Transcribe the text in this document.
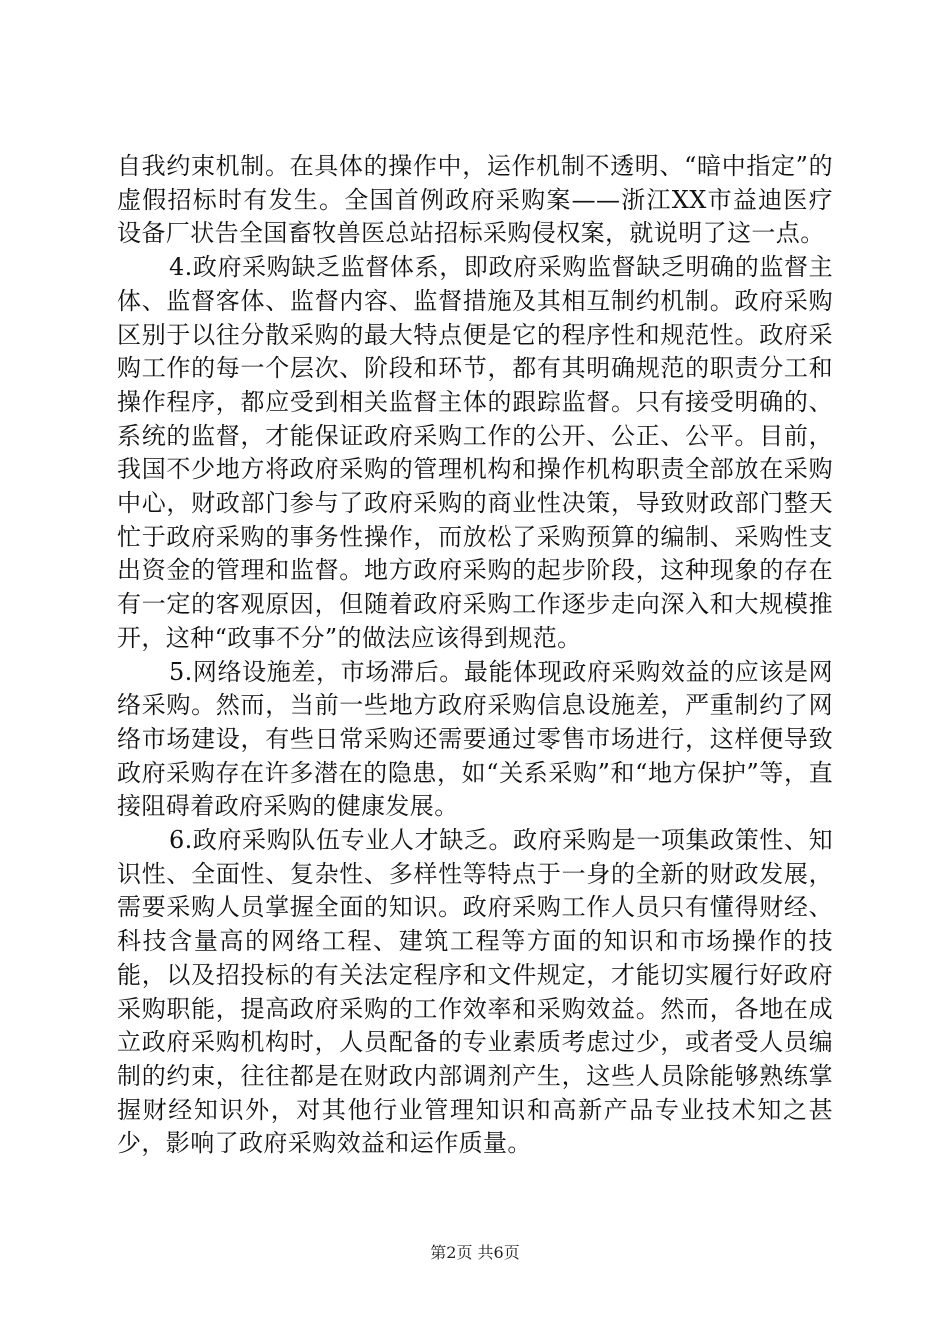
自我约束机制。在具体的操作中，运作机制不透明、“暗中指定”的虚假招标时有发生。全国首例政府采购案——浙江XX市益迪医疗设备厂状告全国畜牧兽医总站招标采购侵权案，就说明了这一点。

4.政府采购缺乏监督体系，即政府采购监督缺乏明确的监督主体、监督客体、监督内容、监督措施及其相互制约机制。政府采购区别于以往分散采购的最大特点便是它的程序性和规范性。政府采购工作的每一个层次、阶段和环节，都有其明确规范的职责分工和操作程序，都应受到相关监督主体的跟踪监督。只有接受明确的、系统的监督，才能保证政府采购工作的公开、公正、公平。目前，我国不少地方将政府采购的管理机构和操作机构职责全部放在采购中心，财政部门参与了政府采购的商业性决策，导致财政部门整天忙于政府采购的事务性操作，而放松了采购预算的编制、采购性支出资金的管理和监督。地方政府采购的起步阶段，这种现象的存在有一定的客观原因，但随着政府采购工作逐步走向深入和大规模推开，这种“政事不分”的做法应该得到规范。

5.网络设施差，市场滞后。最能体现政府采购效益的应该是网络采购。然而，当前一些地方政府采购信息设施差，严重制约了网络市场建设，有些日常采购还需要通过零售市场进行，这样便导致政府采购存在许多潜在的隐患，如“关系采购”和“地方保护”等，直接阻碍着政府采购的健康发展。

6.政府采购队伍专业人才缺乏。政府采购是一项集政策性、知识性、全面性、复杂性、多样性等特点于一身的全新的财政发展，需要采购人员掌握全面的知识。政府采购工作人员只有懂得财经、科技含量高的网络工程、建筑工程等方面的知识和市场操作的技能，以及招投标的有关法定程序和文件规定，才能切实履行好政府采购职能，提高政府采购的工作效率和采购效益。然而，各地在成立政府采购机构时，人员配备的专业素质考虑过少，或者受人员编制的约束，往往都是在财政内部调剂产生，这些人员除能够熟练掌握财经知识外，对其他行业管理知识和高新产品专业技术知之甚少，影响了政府采购效益和运作质量。

第2页 共6页
